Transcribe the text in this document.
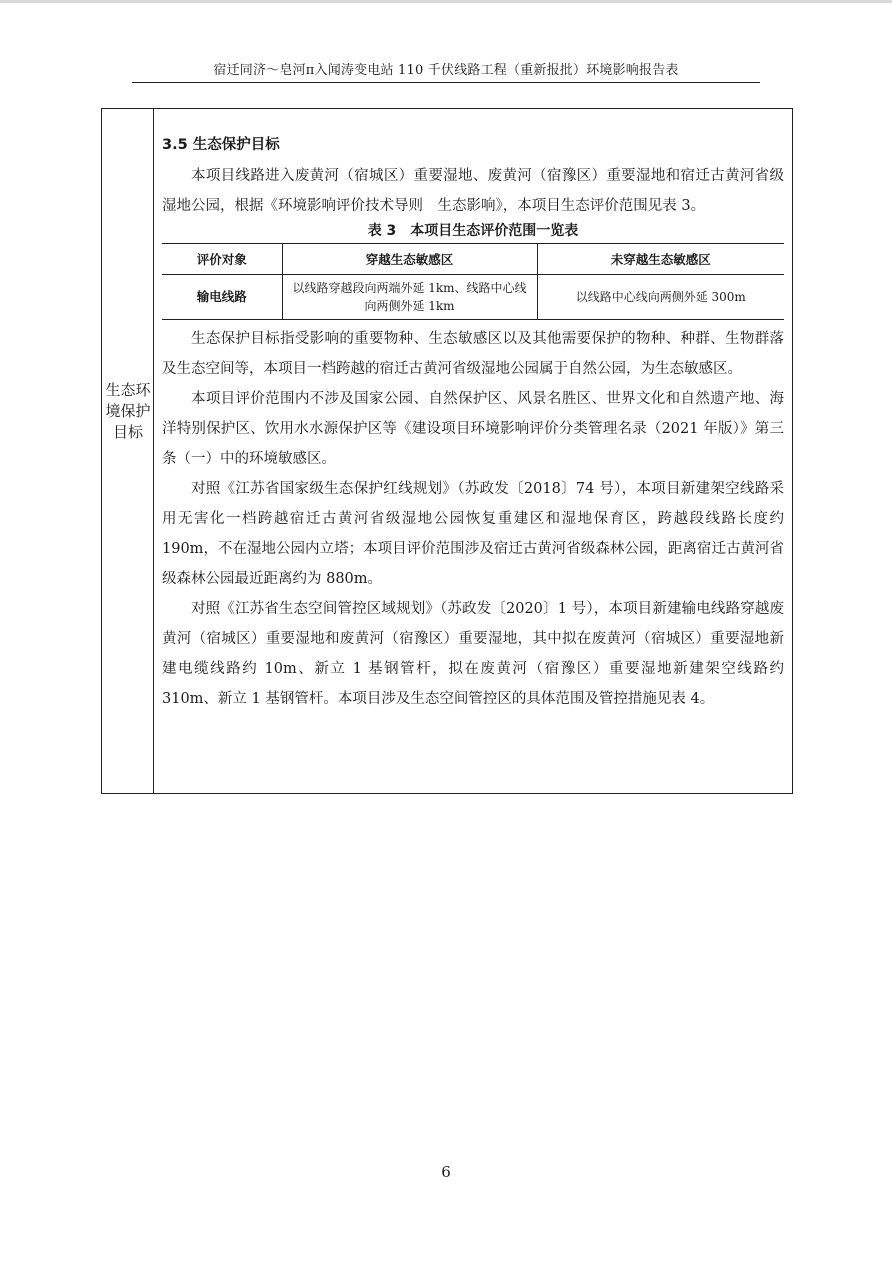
宿迁同济～皂河π入闻涛变电站 110 千伏线路工程（重新报批）环境影响报告表
生态环境保护目标

3.5 生态保护目标

本项目线路进入废黄河（宿城区）重要湿地、废黄河（宿豫区）重要湿地和宿迁古黄河省级湿地公园，根据《环境影响评价技术导则　生态影响》，本项目生态评价范围见表 3。

表 3　本项目生态评价范围一览表

评价对象	穿越生态敏感区	未穿越生态敏感区
输电线路	以线路穿越段向两端外延 1km、线路中心线向两侧外延 1km	以线路中心线向两侧外延 300m

生态保护目标指受影响的重要物种、生态敏感区以及其他需要保护的物种、种群、生物群落及生态空间等，本项目一档跨越的宿迁古黄河省级湿地公园属于自然公园，为生态敏感区。

本项目评价范围内不涉及国家公园、自然保护区、风景名胜区、世界文化和自然遗产地、海洋特别保护区、饮用水水源保护区等《建设项目环境影响评价分类管理名录（2021 年版）》第三条（一）中的环境敏感区。

对照《江苏省国家级生态保护红线规划》（苏政发〔2018〕74 号），本项目新建架空线路采用无害化一档跨越宿迁古黄河省级湿地公园恢复重建区和湿地保育区，跨越段线路长度约 190m，不在湿地公园内立塔；本项目评价范围涉及宿迁古黄河省级森林公园，距离宿迁古黄河省级森林公园最近距离约为 880m。

对照《江苏省生态空间管控区域规划》（苏政发〔2020〕1 号），本项目新建输电线路穿越废黄河（宿城区）重要湿地和废黄河（宿豫区）重要湿地，其中拟在废黄河（宿城区）重要湿地新建电缆线路约 10m、新立 1 基钢管杆，拟在废黄河（宿豫区）重要湿地新建架空线路约 310m、新立 1 基钢管杆。本项目涉及生态空间管控区的具体范围及管控措施见表 4。

6
